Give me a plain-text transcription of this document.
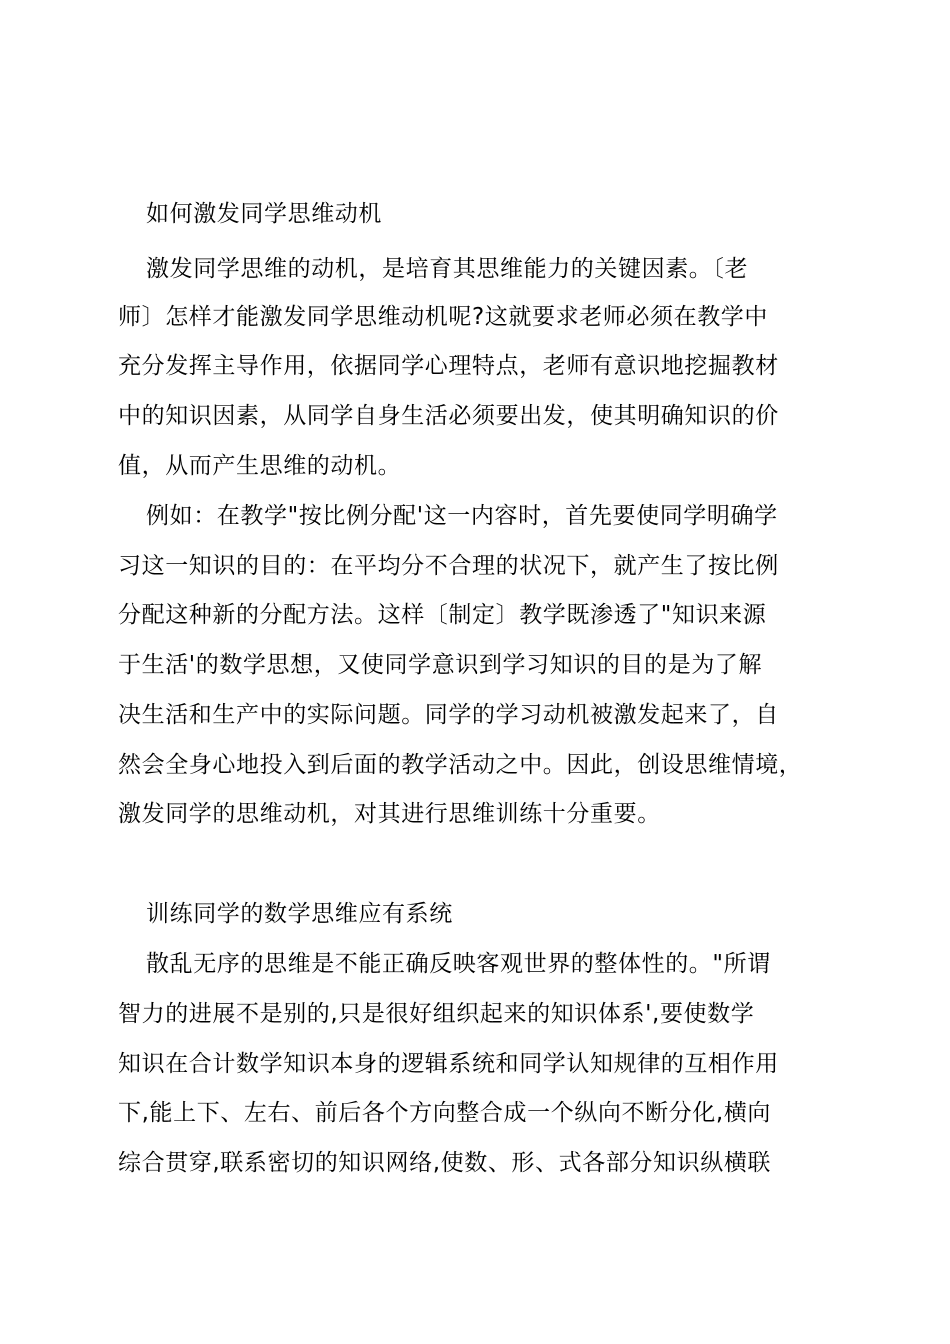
如何激发同学思维动机
激发同学思维的动机，是培育其思维能力的关键因素。〔老
师〕怎样才能激发同学思维动机呢?这就要求老师必须在教学中
充分发挥主导作用，依据同学心理特点，老师有意识地挖掘教材
中的知识因素，从同学自身生活必须要出发，使其明确知识的价
值，从而产生思维的动机。
例如：在教学"按比例分配'这一内容时，首先要使同学明确学
习这一知识的目的：在平均分不合理的状况下，就产生了按比例
分配这种新的分配方法。这样〔制定〕教学既渗透了"知识来源
于生活'的数学思想，又使同学意识到学习知识的目的是为了解
决生活和生产中的实际问题。同学的学习动机被激发起来了，自
然会全身心地投入到后面的教学活动之中。因此，创设思维情境，
激发同学的思维动机，对其进行思维训练十分重要。
训练同学的数学思维应有系统
散乱无序的思维是不能正确反映客观世界的整体性的。"所谓
智力的进展不是别的,只是很好组织起来的知识体系',要使数学
知识在合计数学知识本身的逻辑系统和同学认知规律的互相作用
下,能上下、左右、前后各个方向整合成一个纵向不断分化,横向
综合贯穿,联系密切的知识网络,使数、形、式各部分知识纵横联
